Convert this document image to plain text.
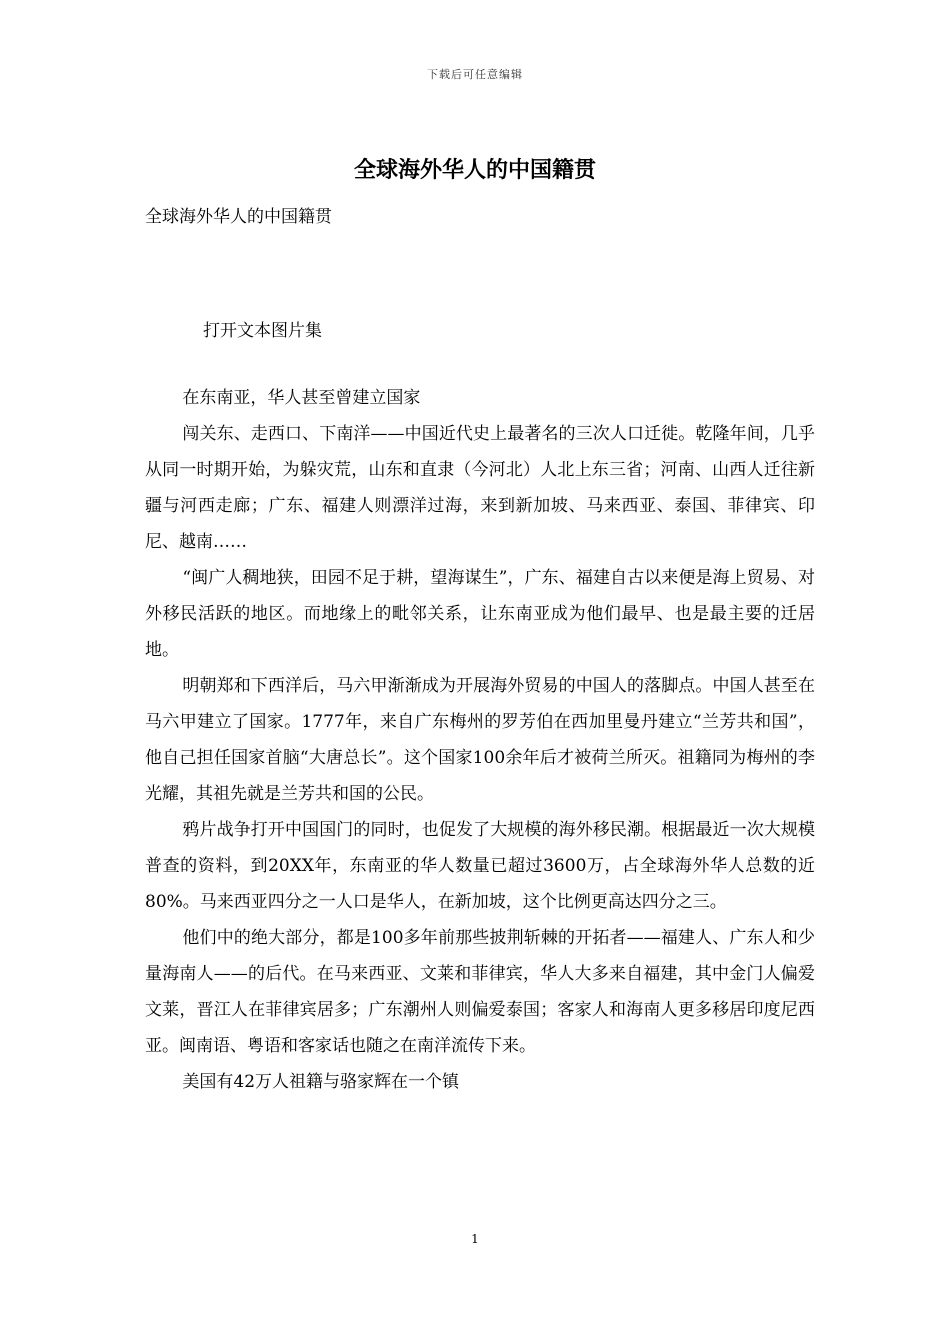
下载后可任意编辑
全球海外华人的中国籍贯
全球海外华人的中国籍贯
打开文本图片集

在东南亚，华人甚至曾建立国家

闯关东、走西口、下南洋——中国近代史上最著名的三次人口迁徙。乾隆年间，几乎从同一时期开始，为躲灾荒，山东和直隶（今河北）人北上东三省；河南、山西人迁往新疆与河西走廊；广东、福建人则漂洋过海，来到新加坡、马来西亚、泰国、菲律宾、印尼、越南……

“闽广人稠地狭，田园不足于耕，望海谋生”，广东、福建自古以来便是海上贸易、对外移民活跃的地区。而地缘上的毗邻关系，让东南亚成为他们最早、也是最主要的迁居地。

明朝郑和下西洋后，马六甲渐渐成为开展海外贸易的中国人的落脚点。中国人甚至在马六甲建立了国家。1777年，来自广东梅州的罗芳伯在西加里曼丹建立“兰芳共和国”，他自己担任国家首脑“大唐总长”。这个国家100余年后才被荷兰所灭。祖籍同为梅州的李光耀，其祖先就是兰芳共和国的公民。

鸦片战争打开中国国门的同时，也促发了大规模的海外移民潮。根据最近一次大规模普查的资料，到20XX年，东南亚的华人数量已超过3600万，占全球海外华人总数的近80%。马来西亚四分之一人口是华人，在新加坡，这个比例更高达四分之三。

他们中的绝大部分，都是100多年前那些披荆斩棘的开拓者——福建人、广东人和少量海南人——的后代。在马来西亚、文莱和菲律宾，华人大多来自福建，其中金门人偏爱文莱，晋江人在菲律宾居多；广东潮州人则偏爱泰国；客家人和海南人更多移居印度尼西亚。闽南语、粤语和客家话也随之在南洋流传下来。

美国有42万人祖籍与骆家辉在一个镇

1
